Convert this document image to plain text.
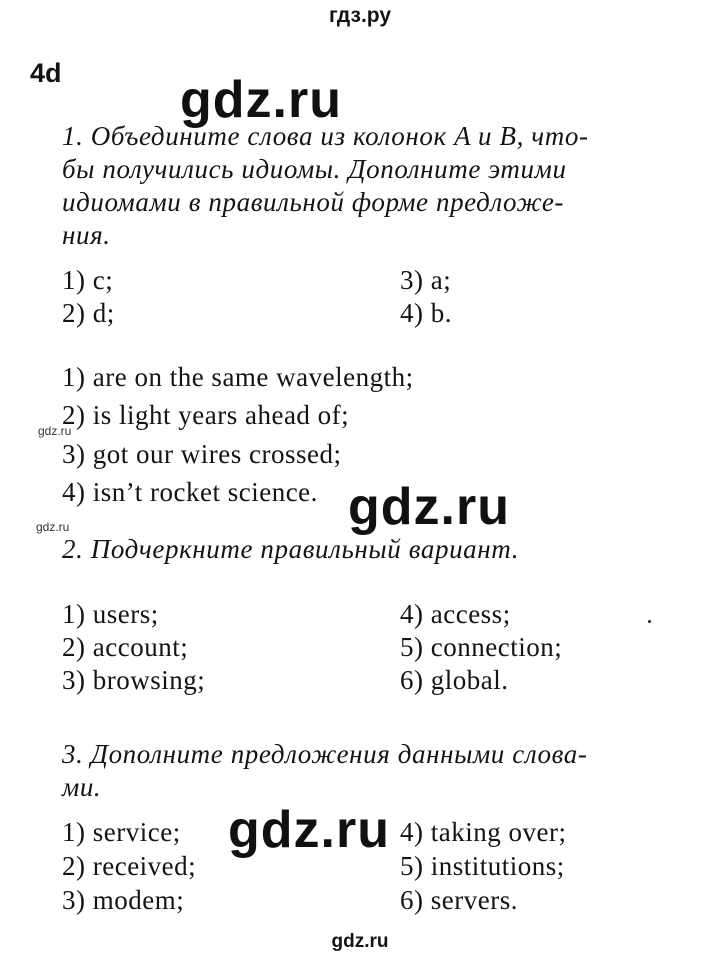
гдз.ру
4d
1. Объедините слова из колонок A и B, что-
бы получились идиомы. Дополните этими
идиомами в правильной форме предложе-
ния.
1) c;
2) d;
3) a;
4) b.
1) are on the same wavelength;
2) is light years ahead of;
3) got our wires crossed;
4) isn’t rocket science.
2. Подчеркните правильный вариант.
1) users;
2) account;
3) browsing;
4) access;
5) connection;
6) global.
3. Дополните предложения данными слова-
ми.
1) service;
2) received;
3) modem;
4) taking over;
5) institutions;
6) servers.
gdz.ru
gdz.ru
gdz.ru
gdz.ru
gdz.ru
gdz.ru
